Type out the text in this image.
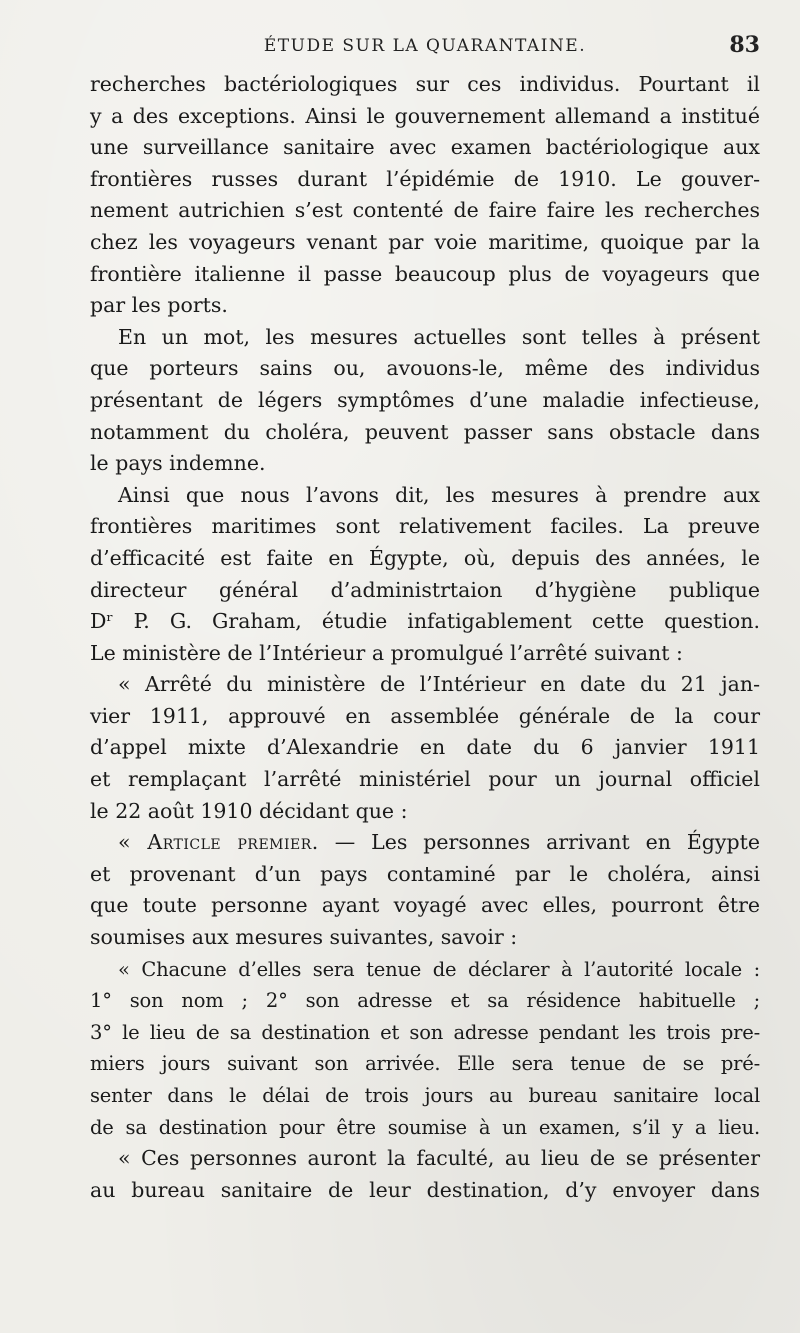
ÉTUDE SUR LA QUARANTAINE.	83

recherches bactériologiques sur ces individus. Pourtant il
y a des exceptions. Ainsi le gouvernement allemand a institué
une surveillance sanitaire avec examen bactériologique aux
frontières russes durant l’épidémie de 1910. Le gouver-
nement autrichien s’est contenté de faire faire les recherches
chez les voyageurs venant par voie maritime, quoique par la
frontière italienne il passe beaucoup plus de voyageurs que
par les ports.

En un mot, les mesures actuelles sont telles à présent
que porteurs sains ou, avouons-le, même des individus
présentant de légers symptômes d’une maladie infectieuse,
notamment du choléra, peuvent passer sans obstacle dans
le pays indemne.

Ainsi que nous l’avons dit, les mesures à prendre aux
frontières maritimes sont relativement faciles. La preuve
d’efficacité est faite en Égypte, où, depuis des années, le
directeur général d’administrtaion d’hygiène publique
Dʳ P. G. Graham, étudie infatigablement cette question.
Le ministère de l’Intérieur a promulgué l’arrêté suivant :

« Arrêté du ministère de l’Intérieur en date du 21 jan-
vier 1911, approuvé en assemblée générale de la cour
d’appel mixte d’Alexandrie en date du 6 janvier 1911
et remplaçant l’arrêté ministériel pour un journal officiel
le 22 août 1910 décidant que :

« Article premier. — Les personnes arrivant en Égypte
et provenant d’un pays contaminé par le choléra, ainsi
que toute personne ayant voyagé avec elles, pourront être
soumises aux mesures suivantes, savoir :

« Chacune d’elles sera tenue de déclarer à l’autorité locale :
1° son nom ; 2° son adresse et sa résidence habituelle ;
3° le lieu de sa destination et son adresse pendant les trois pre-
miers jours suivant son arrivée. Elle sera tenue de se pré-
senter dans le délai de trois jours au bureau sanitaire local
de sa destination pour être soumise à un examen, s’il y a lieu.

« Ces personnes auront la faculté, au lieu de se présenter
au bureau sanitaire de leur destination, d’y envoyer dans
